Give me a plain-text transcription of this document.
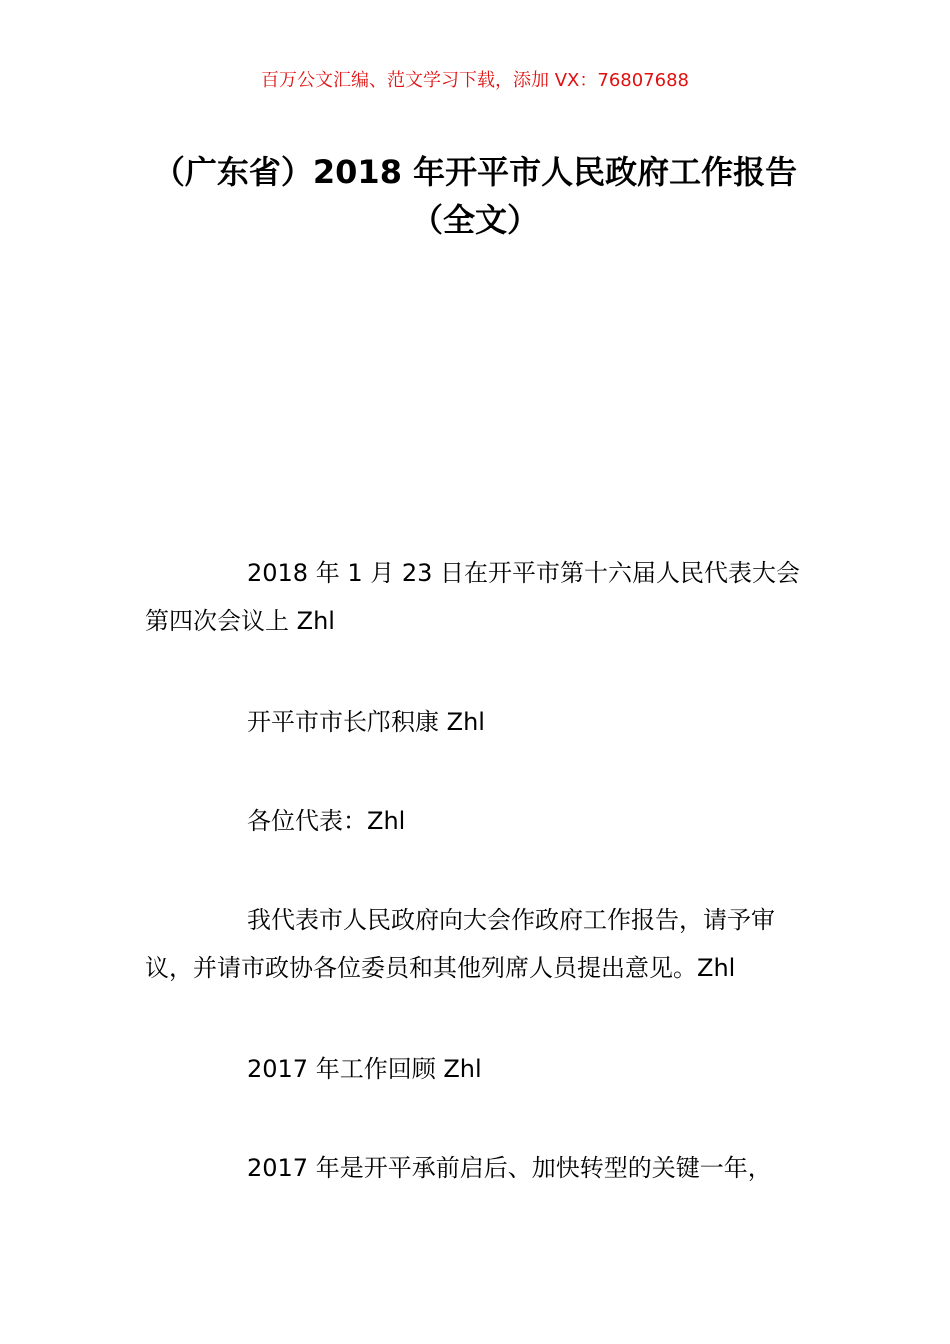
百万公文汇编、范文学习下载，添加 VX：76807688
（广东省）2018 年开平市人民政府工作报告（全文）

2018 年 1 月 23 日在开平市第十六届人民代表大会第四次会议上 Zhl

开平市市长邝积康 Zhl

各位代表：Zhl

我代表市人民政府向大会作政府工作报告，请予审议，并请市政协各位委员和其他列席人员提出意见。Zhl

2017 年工作回顾 Zhl

2017 年是开平承前启后、加快转型的关键一年，
